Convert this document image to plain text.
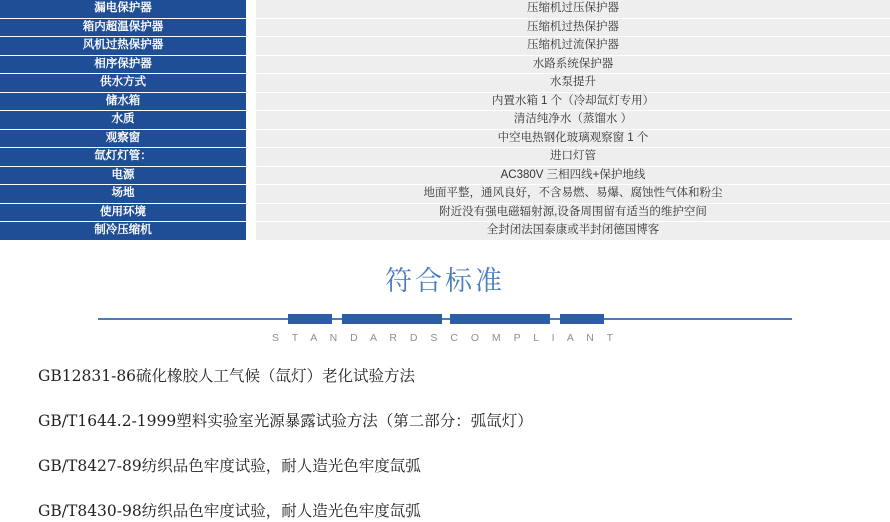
漏电保护器		压缩机过压保护器
箱内超温保护器		压缩机过热保护器
风机过热保护器		压缩机过流保护器
相序保护器		水路系统保护器
供水方式		水泵提升
储水箱		内置水箱 1 个（冷却氙灯专用）
水质		清洁纯净水（蒸馏水 ）
观察窗		中空电热钢化玻璃观察窗 1 个
氙灯灯管：		进口灯管
电源		AC380V 三相四线+保护地线
场地		地面平整，通风良好，不含易燃、易爆、腐蚀性气体和粉尘
使用环境		附近没有强电磁辐射源,设备周围留有适当的维护空间
制冷压缩机		全封闭法国泰康或半封闭德国博客
符合标准
S T A N D A R D S C O M P L I A N T
GB12831-86硫化橡胶人工气候（氙灯）老化试验方法
GB/T1644.2-1999塑料实验室光源暴露试验方法（第二部分：弧氙灯）
GB/T8427-89纺织品色牢度试验，耐人造光色牢度氙弧
GB/T8430-98纺织品色牢度试验，耐人造光色牢度氙弧
